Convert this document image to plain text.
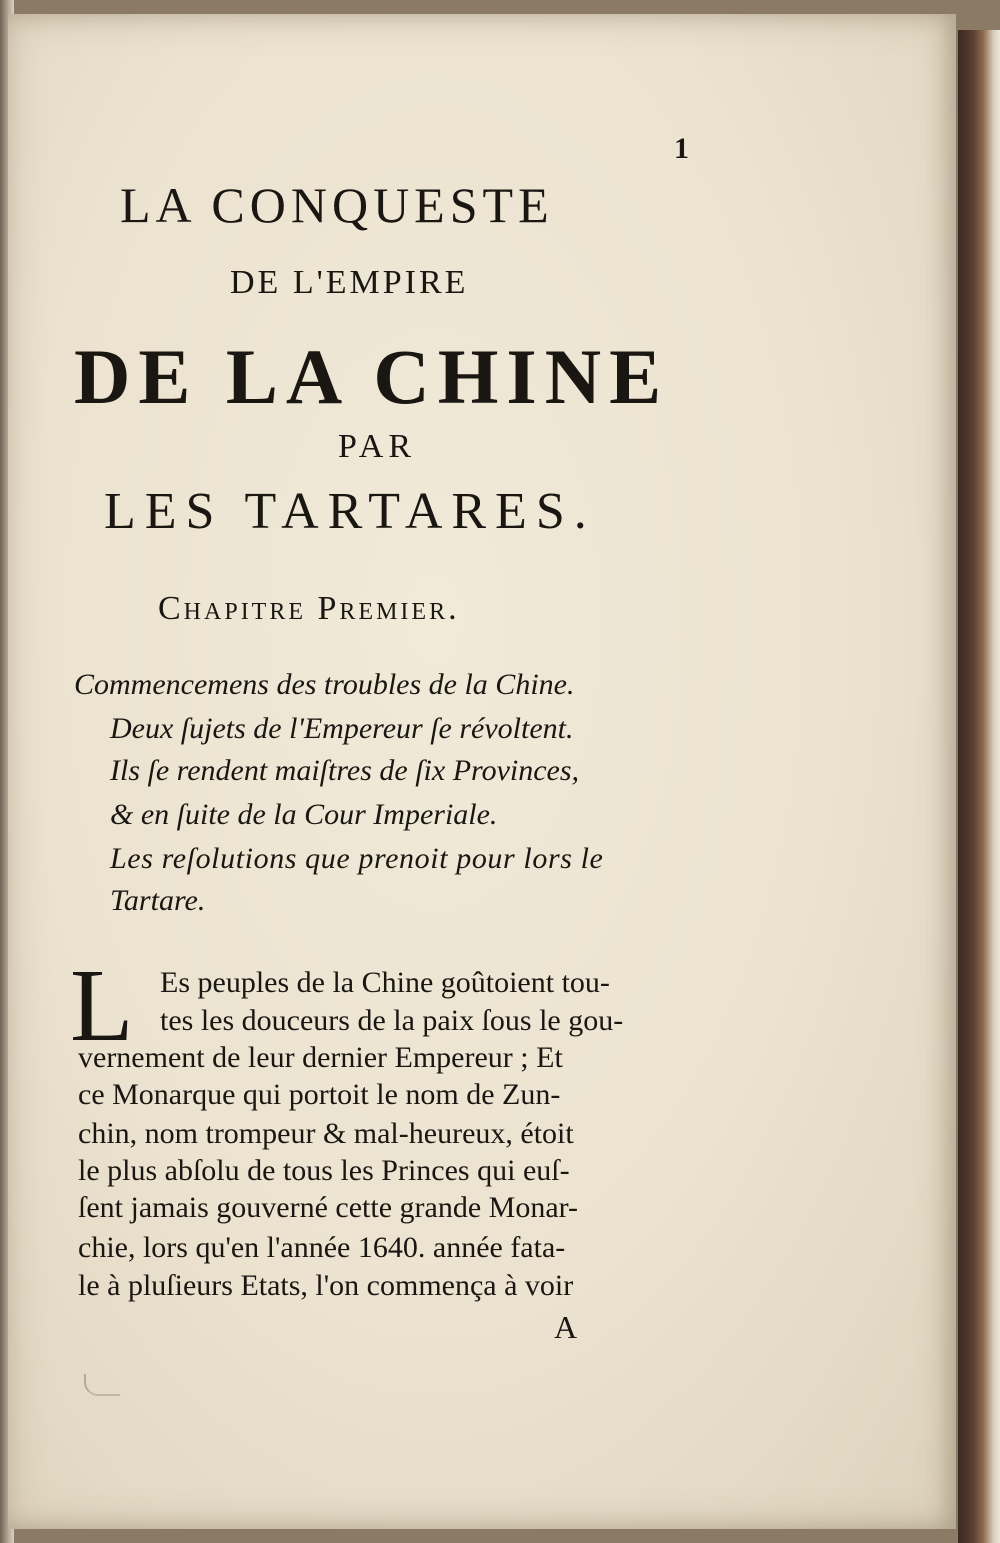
1
LA CONQUESTE
DE L'EMPIRE
DE LA CHINE
PAR
LES TARTARES.
Chapitre Premier.
Commencemens des troubles de la Chine.
Deux ſujets de l'Empereur ſe révoltent.
Ils ſe rendent maiſtres de ſix Provinces,
& en ſuite de la Cour Imperiale.
Les reſolutions que prenoit pour lors le
Tartare.
L Es peuples de la Chine goûtoient tou-
tes les douceurs de la paix ſous le gou-
vernement de leur dernier Empereur ; Et
ce Monarque qui portoit le nom de Zun-
chin, nom trompeur & mal-heureux, étoit
le plus abſolu de tous les Princes qui euſ-
ſent jamais gouverné cette grande Monar-
chie, lors qu'en l'année 1640. année fata-
le à pluſieurs Etats, l'on commença à voir
A
